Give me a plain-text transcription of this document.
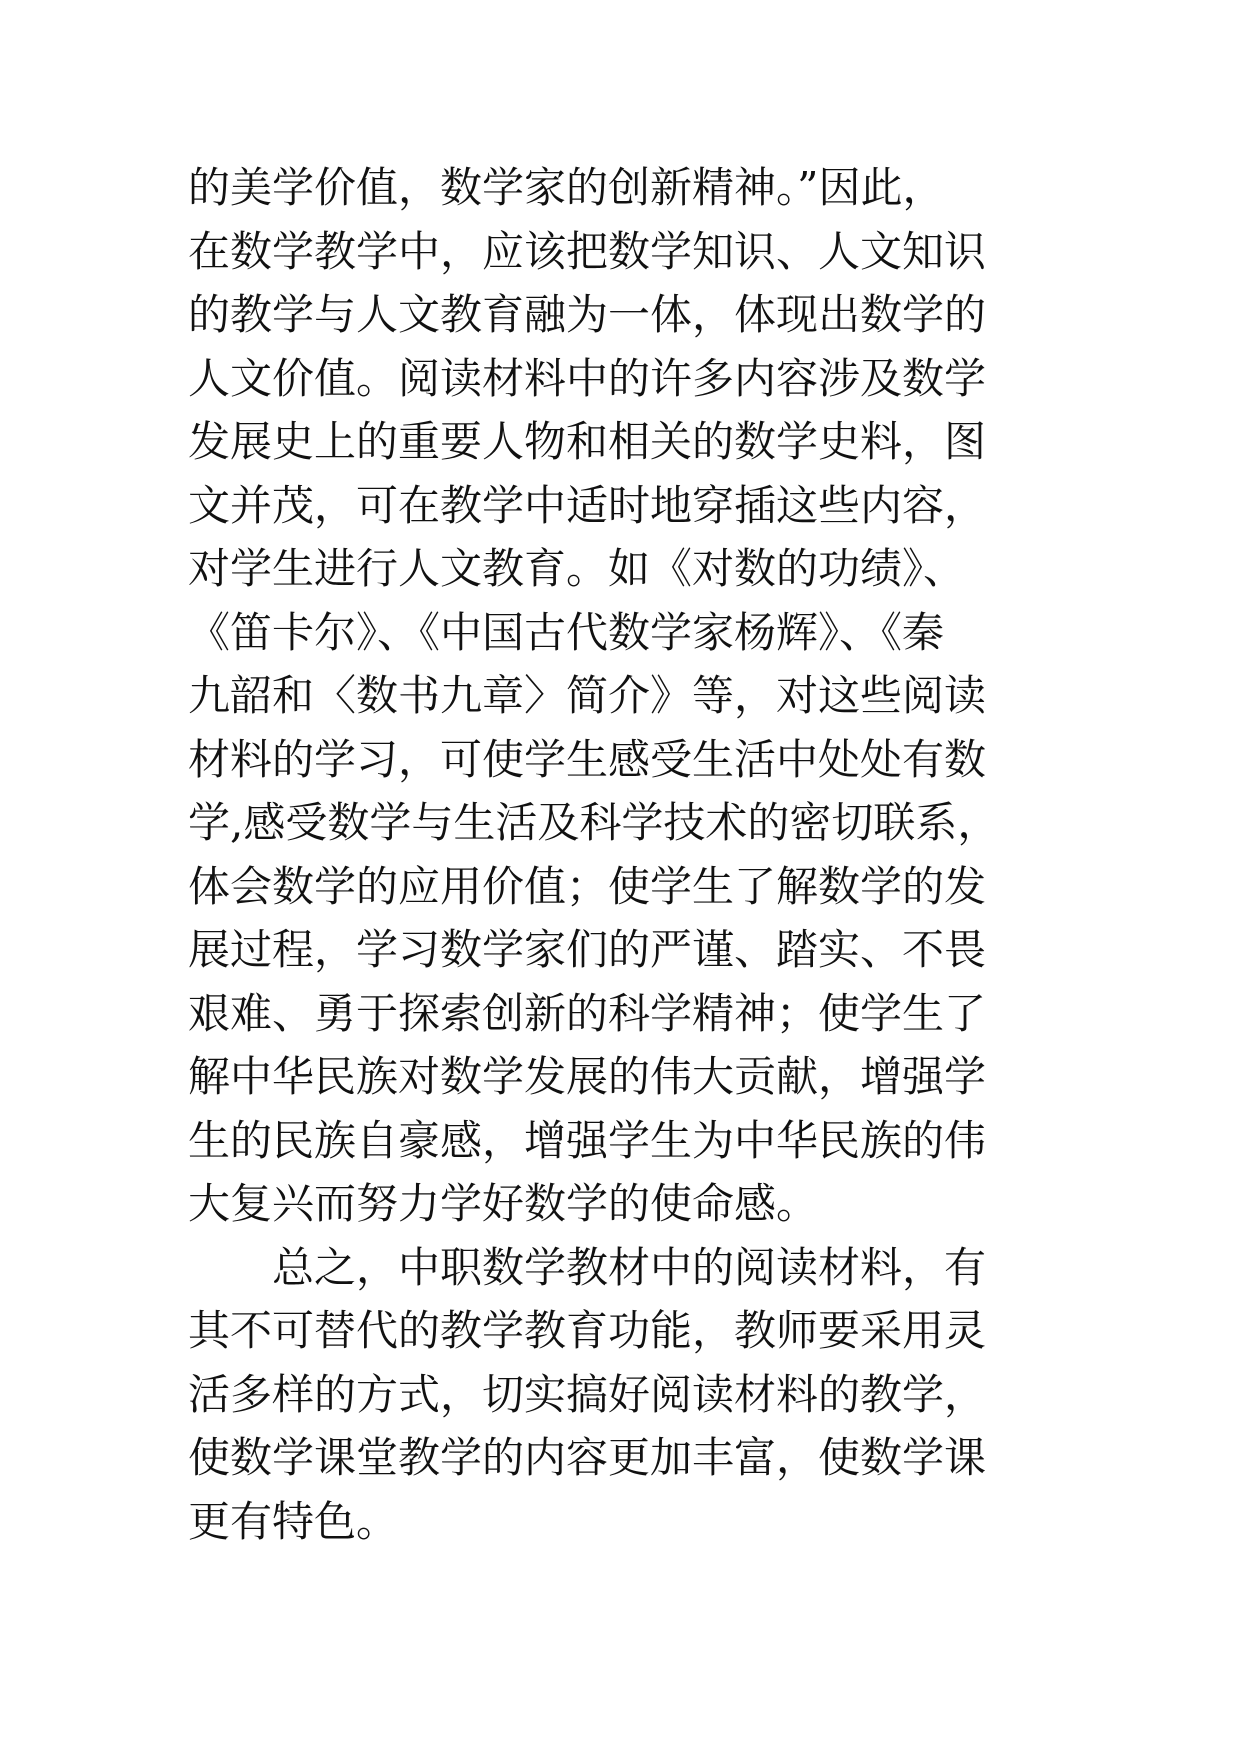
的美学价值，数学家的创新精神。”因此，
在数学教学中，应该把数学知识、人文知识
的教学与人文教育融为一体，体现出数学的
人文价值。阅读材料中的许多内容涉及数学
发展史上的重要人物和相关的数学史料，图
文并茂，可在教学中适时地穿插这些内容，
对学生进行人文教育。如《对数的功绩》、
《笛卡尔》、《中国古代数学家杨辉》、《秦
九韶和〈数书九章〉简介》等，对这些阅读
材料的学习，可使学生感受生活中处处有数
学,感受数学与生活及科学技术的密切联系，
体会数学的应用价值；使学生了解数学的发
展过程，学习数学家们的严谨、踏实、不畏
艰难、勇于探索创新的科学精神；使学生了
解中华民族对数学发展的伟大贡献，增强学
生的民族自豪感，增强学生为中华民族的伟
大复兴而努力学好数学的使命感。
　　总之，中职数学教材中的阅读材料，有
其不可替代的教学教育功能，教师要采用灵
活多样的方式，切实搞好阅读材料的教学，
使数学课堂教学的内容更加丰富，使数学课
更有特色。
